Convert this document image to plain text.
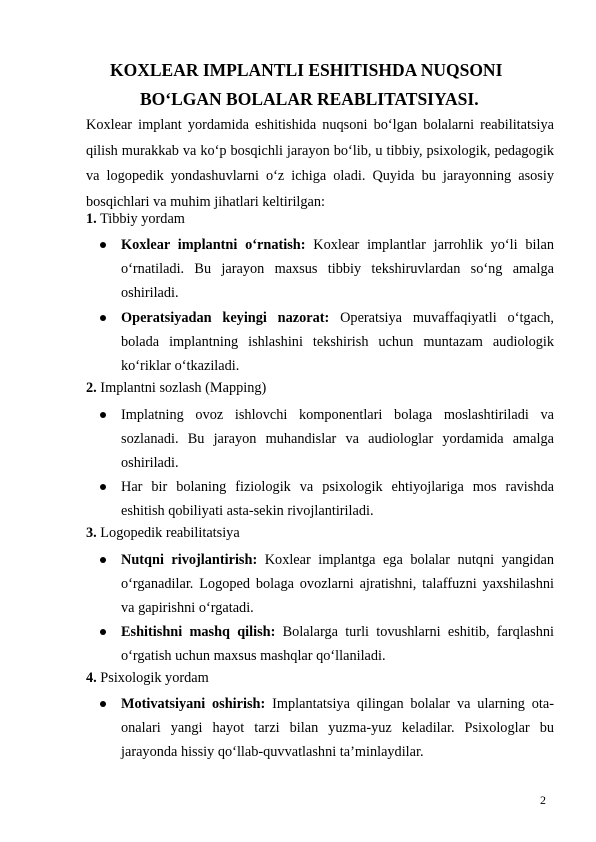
KOXLEAR IMPLANTLI ESHITISHDA NUQSONI
BO‘LGAN BOLALAR REABLITATSIYASI.
Koxlear implant yordamida eshitishida nuqsoni bo‘lgan bolalarni reabilitatsiya qilish murakkab va ko‘p bosqichli jarayon bo‘lib, u tibbiy, psixologik, pedagogik va logopedik yondashuvlarni o‘z ichiga oladi. Quyida bu jarayonning asosiy bosqichlari va muhim jihatlari keltirilgan:
1. Tibbiy yordam
Koxlear implantni o‘rnatish: Koxlear implantlar jarrohlik yo‘li bilan o‘rnatiladi. Bu jarayon maxsus tibbiy tekshiruvlardan so‘ng amalga oshiriladi.
Operatsiyadan keyingi nazorat: Operatsiya muvaffaqiyatli o‘tgach, bolada implantning ishlashini tekshirish uchun muntazam audiologik ko‘riklar o‘tkaziladi.
2. Implantni sozlash (Mapping)
Implatning ovoz ishlovchi komponentlari bolaga moslashtiriladi va sozlanadi. Bu jarayon muhandislar va audiologlar yordamida amalga oshiriladi.
Har bir bolaning fiziologik va psixologik ehtiyojlariga mos ravishda eshitish qobiliyati asta-sekin rivojlantiriladi.
3. Logopedik reabilitatsiya
Nutqni rivojlantirish: Koxlear implantga ega bolalar nutqni yangidan o‘rganadilar. Logoped bolaga ovozlarni ajratishni, talaffuzni yaxshilashni va gapirishni o‘rgatadi.
Eshitishni mashq qilish: Bolalarga turli tovushlarni eshitib, farqlashni o‘rgatish uchun maxsus mashqlar qo‘llaniladi.
4. Psixologik yordam
Motivatsiyani oshirish: Implantatsiya qilingan bolalar va ularning ota-onalari yangi hayot tarzi bilan yuzma-yuz keladilar. Psixologlar bu jarayonda hissiy qo‘llab-quvvatlashni ta’minlaydilar.
2
